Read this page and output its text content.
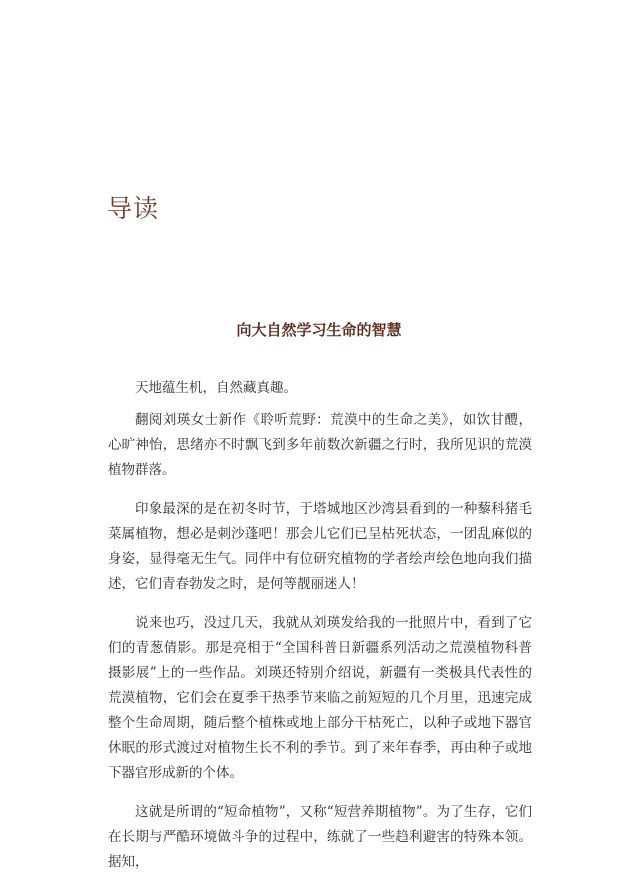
导读
向大自然学习生命的智慧

天地蕴生机，自然藏真趣。

翻阅刘瑛女士新作《聆听荒野：荒漠中的生命之美》，如饮甘醴，心旷神怡，思绪亦不时飘飞到多年前数次新疆之行时，我所见识的荒漠植物群落。

印象最深的是在初冬时节，于塔城地区沙湾县看到的一种藜科猪毛菜属植物，想必是刺沙蓬吧！那会儿它们已呈枯死状态，一团乱麻似的身姿，显得毫无生气。同伴中有位研究植物的学者绘声绘色地向我们描述，它们青春勃发之时，是何等靓丽迷人！

说来也巧，没过几天，我就从刘瑛发给我的一批照片中，看到了它们的青葱倩影。那是亮相于“全国科普日新疆系列活动之荒漠植物科普摄影展”上的一些作品。刘瑛还特别介绍说，新疆有一类极具代表性的荒漠植物，它们会在夏季干热季节来临之前短短的几个月里，迅速完成整个生命周期，随后整个植株或地上部分干枯死亡，以种子或地下器官休眠的形式渡过对植物生长不利的季节。到了来年春季，再由种子或地下器官形成新的个体。

这就是所谓的“短命植物”，又称“短营养期植物”。为了生存，它们在长期与严酷环境做斗争的过程中，练就了一些趋利避害的特殊本领。据知，
